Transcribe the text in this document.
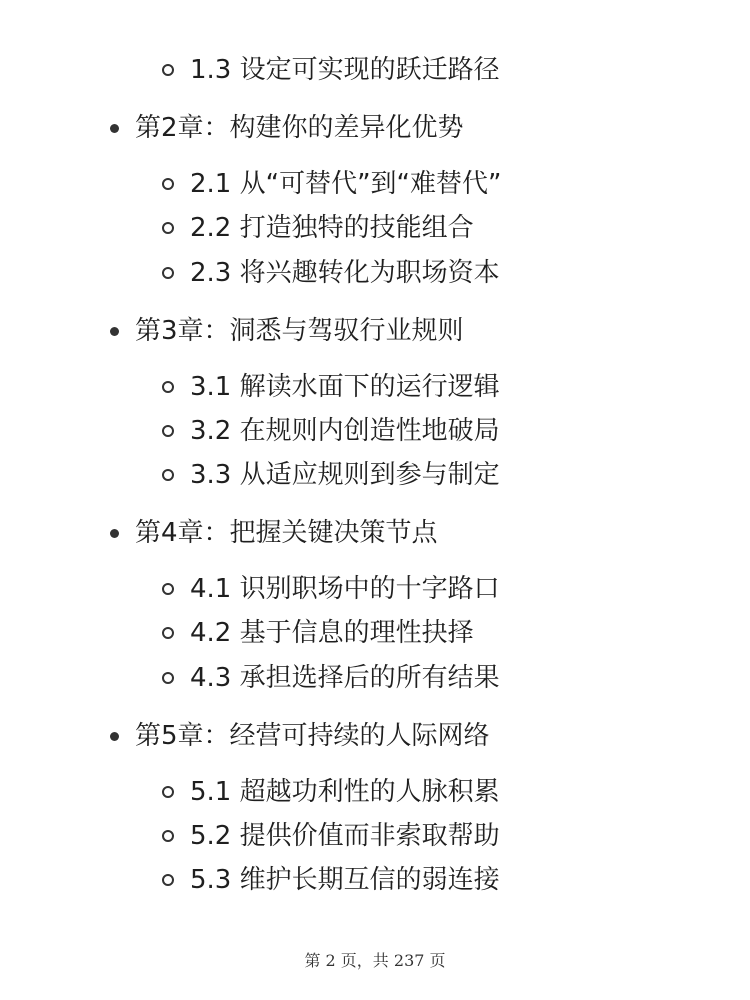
1.3 设定可实现的跃迁路径
第2章：构建你的差异化优势
2.1 从“可替代”到“难替代”
2.2 打造独特的技能组合
2.3 将兴趣转化为职场资本
第3章：洞悉与驾驭行业规则
3.1 解读水面下的运行逻辑
3.2 在规则内创造性地破局
3.3 从适应规则到参与制定
第4章：把握关键决策节点
4.1 识别职场中的十字路口
4.2 基于信息的理性抉择
4.3 承担选择后的所有结果
第5章：经营可持续的人际网络
5.1 超越功利性的人脉积累
5.2 提供价值而非索取帮助
5.3 维护长期互信的弱连接
第 2 页，共 237 页
